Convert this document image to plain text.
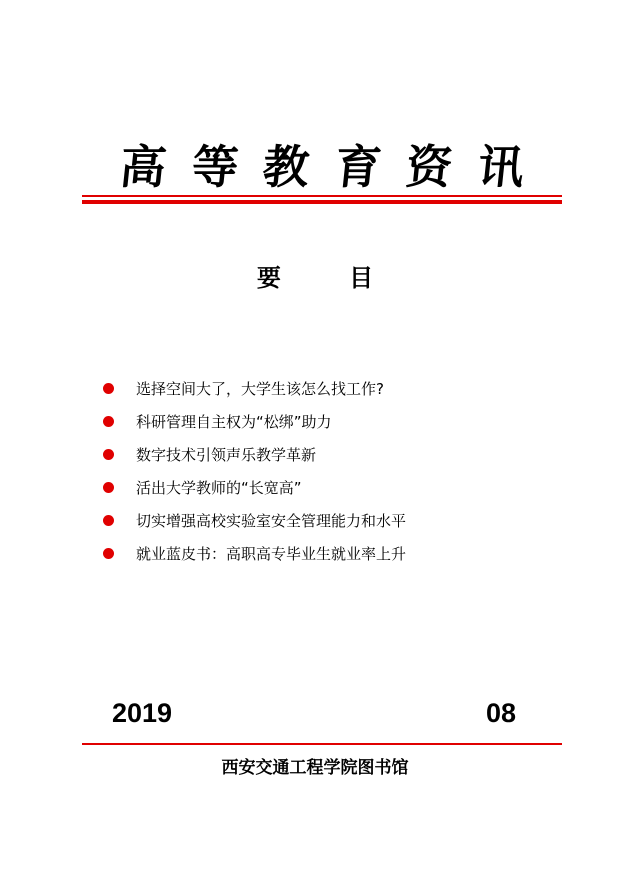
高 等 教 育 资 讯
要 目
选择空间大了，大学生该怎么找工作?
科研管理自主权为“松绑”助力
数字技术引领声乐教学革新
活出大学教师的“长宽高”
切实增强高校实验室安全管理能力和水平
就业蓝皮书：高职高专毕业生就业率上升
2019	08
西安交通工程学院图书馆
